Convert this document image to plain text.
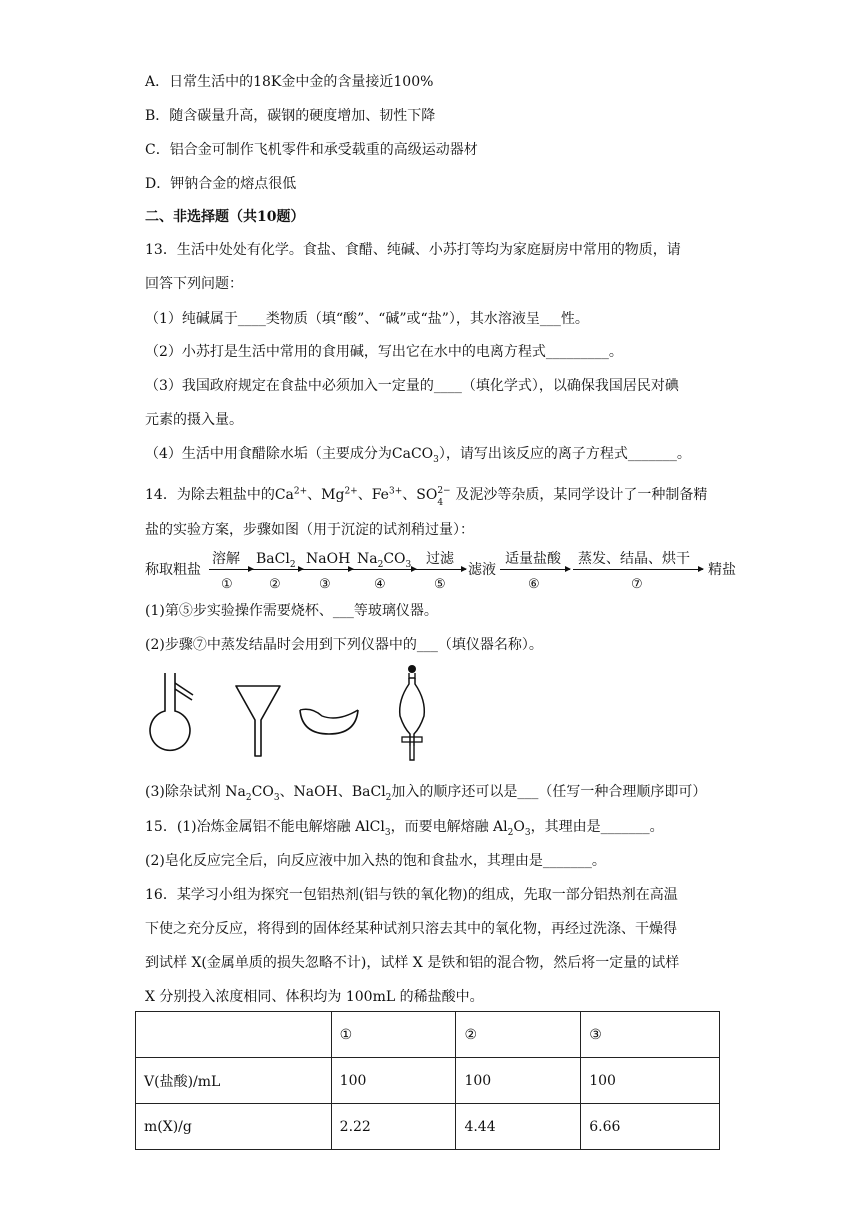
A．日常生活中的18K金中金的含量接近100%
B．随含碳量升高，碳钢的硬度增加、韧性下降
C．铝合金可制作飞机零件和承受载重的高级运动器材
D．钾钠合金的熔点很低
二、非选择题（共10题）
13．生活中处处有化学。食盐、食醋、纯碱、小苏打等均为家庭厨房中常用的物质，请
回答下列问题：
（1）纯碱属于____类物质（填“酸”、“碱”或“盐”），其水溶液呈___性。
（2）小苏打是生活中常用的食用碱，写出它在水中的电离方程式_________。
（3）我国政府规定在食盐中必须加入一定量的____（填化学式），以确保我国居民对碘
元素的摄入量。
（4）生活中用食醋除水垢（主要成分为CaCO$_3$），请写出该反应的离子方程式_______。
14．为除去粗盐中的$Ca^{2+}$、$Mg^{2+}$、$Fe^{3+}$、SO 2−
4 及泥沙等杂质，某同学设计了一种制备精
盐的实验方案，步骤如图（用于沉淀的试剂稍过量）：
称取粗盐
溶解
①
BaCl$_2$
②
NaOH
③
$Na_2CO_3$
④
过滤
⑤
滤液
适量盐酸
⑥
蒸发、结晶、烘干
⑦
精盐
(1)第⑤步实验操作需要烧杯、___等玻璃仪器。
(2)步骤⑦中蒸发结晶时会用到下列仪器中的___（填仪器名称）。
(3)除杂试剂 $Na_2CO_3$、NaOH、BaCl$_2$加入的顺序还可以是___（任写一种合理顺序即可）
15．(1)冶炼金属铝不能电解熔融 AlCl$_3$，而要电解熔融 $Al_2O_3$，其理由是_______。
(2)皂化反应完全后，向反应液中加入热的饱和食盐水，其理由是_______。
16．某学习小组为探究一包铝热剂(铝与铁的氧化物)的组成，先取一部分铝热剂在高温
下使之充分反应，将得到的固体经某种试剂只溶去其中的氧化物，再经过洗涤、干燥得
到试样 X(金属单质的损失忽略不计)，试样 X 是铁和铝的混合物，然后将一定量的试样
X 分别投入浓度相同、体积均为 100mL 的稀盐酸中。
	①	②	③
V(盐酸)/mL	100	100	100
m(X)/g	2.22	4.44	6.66
